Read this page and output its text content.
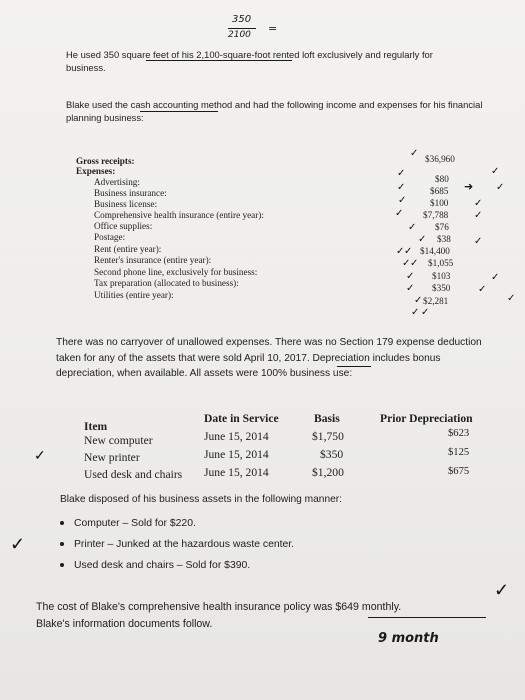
350
2100 =
He used 350 square feet of his 2,100-square-foot rented loft exclusively and regularly for business.
Blake used the cash accounting method and had the following income and expenses for his financial planning business:
Gross receipts:	$36,960
Expenses:
Advertising:	$80
Business insurance:	$685
Business license:	$100
Comprehensive health insurance (entire year):	$7,788
Office supplies:	$76
Postage:	$38
Rent (entire year):	$14,400
Renter's insurance (entire year):	$1,055
Second phone line, exclusively for business:	$103
Tax preparation (allocated to business):	$350
Utilities (entire year):
$2,281
✓
✓	✓
✓	➜ ✓
✓	✓
✓	✓
✓
✓	✓
✓ ✓
✓ ✓
✓	✓
✓	✓
✓	✓
✓ ✓
There was no carryover of unallowed expenses. There was no Section 179 expense deduction taken for any of the assets that were sold April 10, 2017. Depreciation includes bonus depreciation, when available. All assets were 100% business use:
Item
Date in Service	Basis	Prior Depreciation
New computer	June 15, 2014	$1,750	$623
New printer	June 15, 2014	$350	$125
Used desk and chairs June 15, 2014	$1,200	$675
✓
Blake disposed of his business assets in the following manner:
Computer – Sold for $220.
Printer – Junked at the hazardous waste center.
Used desk and chairs – Sold for $390.
✓
The cost of Blake's comprehensive health insurance policy was $649 monthly.
Blake's information documents follow.
✓
9 month
